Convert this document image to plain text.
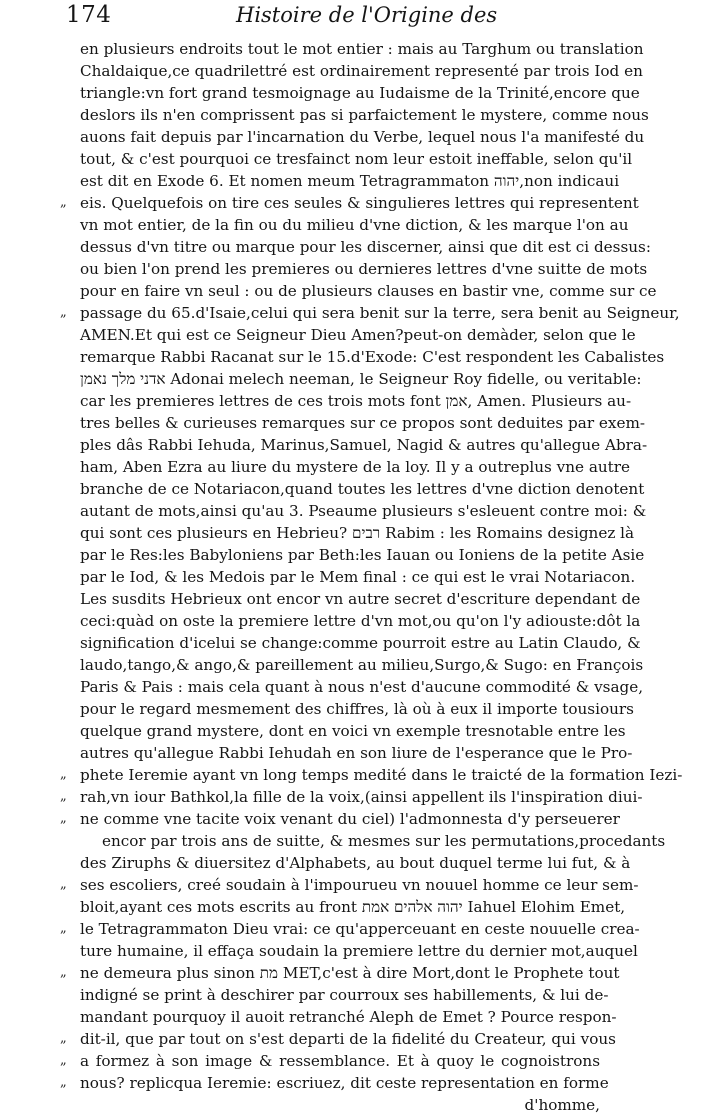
174	Histoire de l'Origine des
en plusieurs endroits tout le mot entier : mais au Targhum ou translation
Chaldaique,ce quadrilettré est ordinairement representé par trois Iod en
triangle:vn fort grand tesmoignage au Iudaisme de la Trinité,encore que
deslors ils n'en comprissent pas si parfaictement le mystere, comme nous
auons fait depuis par l'incarnation du Verbe, lequel nous l'a manifesté du
tout, & c'est pourquoi ce tresfainct nom leur estoit ineffable, selon qu'il
est dit en Exode 6. Et nomen meum Tetragrammaton יהוה,non indicaui
„ eis. Quelquefois on tire ces seules & singulieres lettres qui representent
vn mot entier, de la fin ou du milieu d'vne diction, & les marque l'on au
dessus d'vn titre ou marque pour les discerner, ainsi que dit est ci dessus:
ou bien l'on prend les premieres ou dernieres lettres d'vne suitte de mots
pour en faire vn seul : ou de plusieurs clauses en bastir vne, comme sur ce
„ passage du 65.d'Isaie,celui qui sera benit sur la terre, sera benit au Seigneur,
AMEN.Et qui est ce Seigneur Dieu Amen?peut-on demàder, selon que le
remarque Rabbi Racanat sur le 15.d'Exode: C'est respondent les Cabalistes
אדני מלך נאמן Adonai melech neeman, le Seigneur Roy fidelle, ou veritable:
car les premieres lettres de ces trois mots font אמן, Amen. Plusieurs au-
tres belles & curieuses remarques sur ce propos sont deduites par exem-
ples dâs Rabbi Iehuda, Marinus,Samuel, Nagid & autres qu'allegue Abra-
ham, Aben Ezra au liure du mystere de la loy. Il y a outreplus vne autre
branche de ce Notariacon,quand toutes les lettres d'vne diction denotent
autant de mots,ainsi qu'au 3. Pseaume plusieurs s'esleuent contre moi: &
qui sont ces plusieurs en Hebrieu? רבים Rabim : les Romains designez là
par le Res:les Babyloniens par Beth:les Iauan ou Ioniens de la petite Asie
par le Iod, & les Medois par le Mem final : ce qui est le vrai Notariacon.
Les susdits Hebrieux ont encor vn autre secret d'escriture dependant de
ceci:quàd on oste la premiere lettre d'vn mot,ou qu'on l'y adiouste:dôt la
signification d'icelui se change:comme pourroit estre au Latin Claudo, &
laudo,tango,& ango,& pareillement au milieu,Surgo,& Sugo: en François
Paris & Pais : mais cela quant à nous n'est d'aucune commodité & vsage,
pour le regard mesmement des chiffres, là où à eux il importe tousiours
quelque grand mystere, dont en voici vn exemple tresnotable entre les
autres qu'allegue Rabbi Iehudah en son liure de l'esperance que le Pro-
„ phete Ieremie ayant vn long temps medité dans le traicté de la formation Iezi-
„ rah,vn iour Bathkol,la fille de la voix,(ainsi appellent ils l'inspiration diui-
„ ne comme vne tacite voix venant du ciel) l'admonnesta d'y perseuerer
encor par trois ans de suitte, & mesmes sur les permutations,procedants
des Ziruphs & diuersitez d'Alphabets, au bout duquel terme lui fut, & à
„ ses escoliers, creé soudain à l'impourueu vn nouuel homme ce leur sem-
bloit,ayant ces mots escrits au front יהוה אלהים אמת Iahuel Elohim Emet,
„ le Tetragrammaton Dieu vrai: ce qu'apperceuant en ceste nouuelle crea-
ture humaine, il effaça soudain la premiere lettre du dernier mot,auquel
„ ne demeura plus sinon מת MET,c'est à dire Mort,dont le Prophete tout
indigné se print à deschirer par courroux ses habillements, & lui de-
mandant pourquoy il auoit retranché Aleph de Emet ? Pource respon-
„ dit-il, que par tout on s'est departi de la fidelité du Createur, qui vous
„ a formez à son image & ressemblance. Et à quoy le cognoistrons
„ nous? replicqua Ieremie: escriuez, dit ceste representation en forme
d'homme,
